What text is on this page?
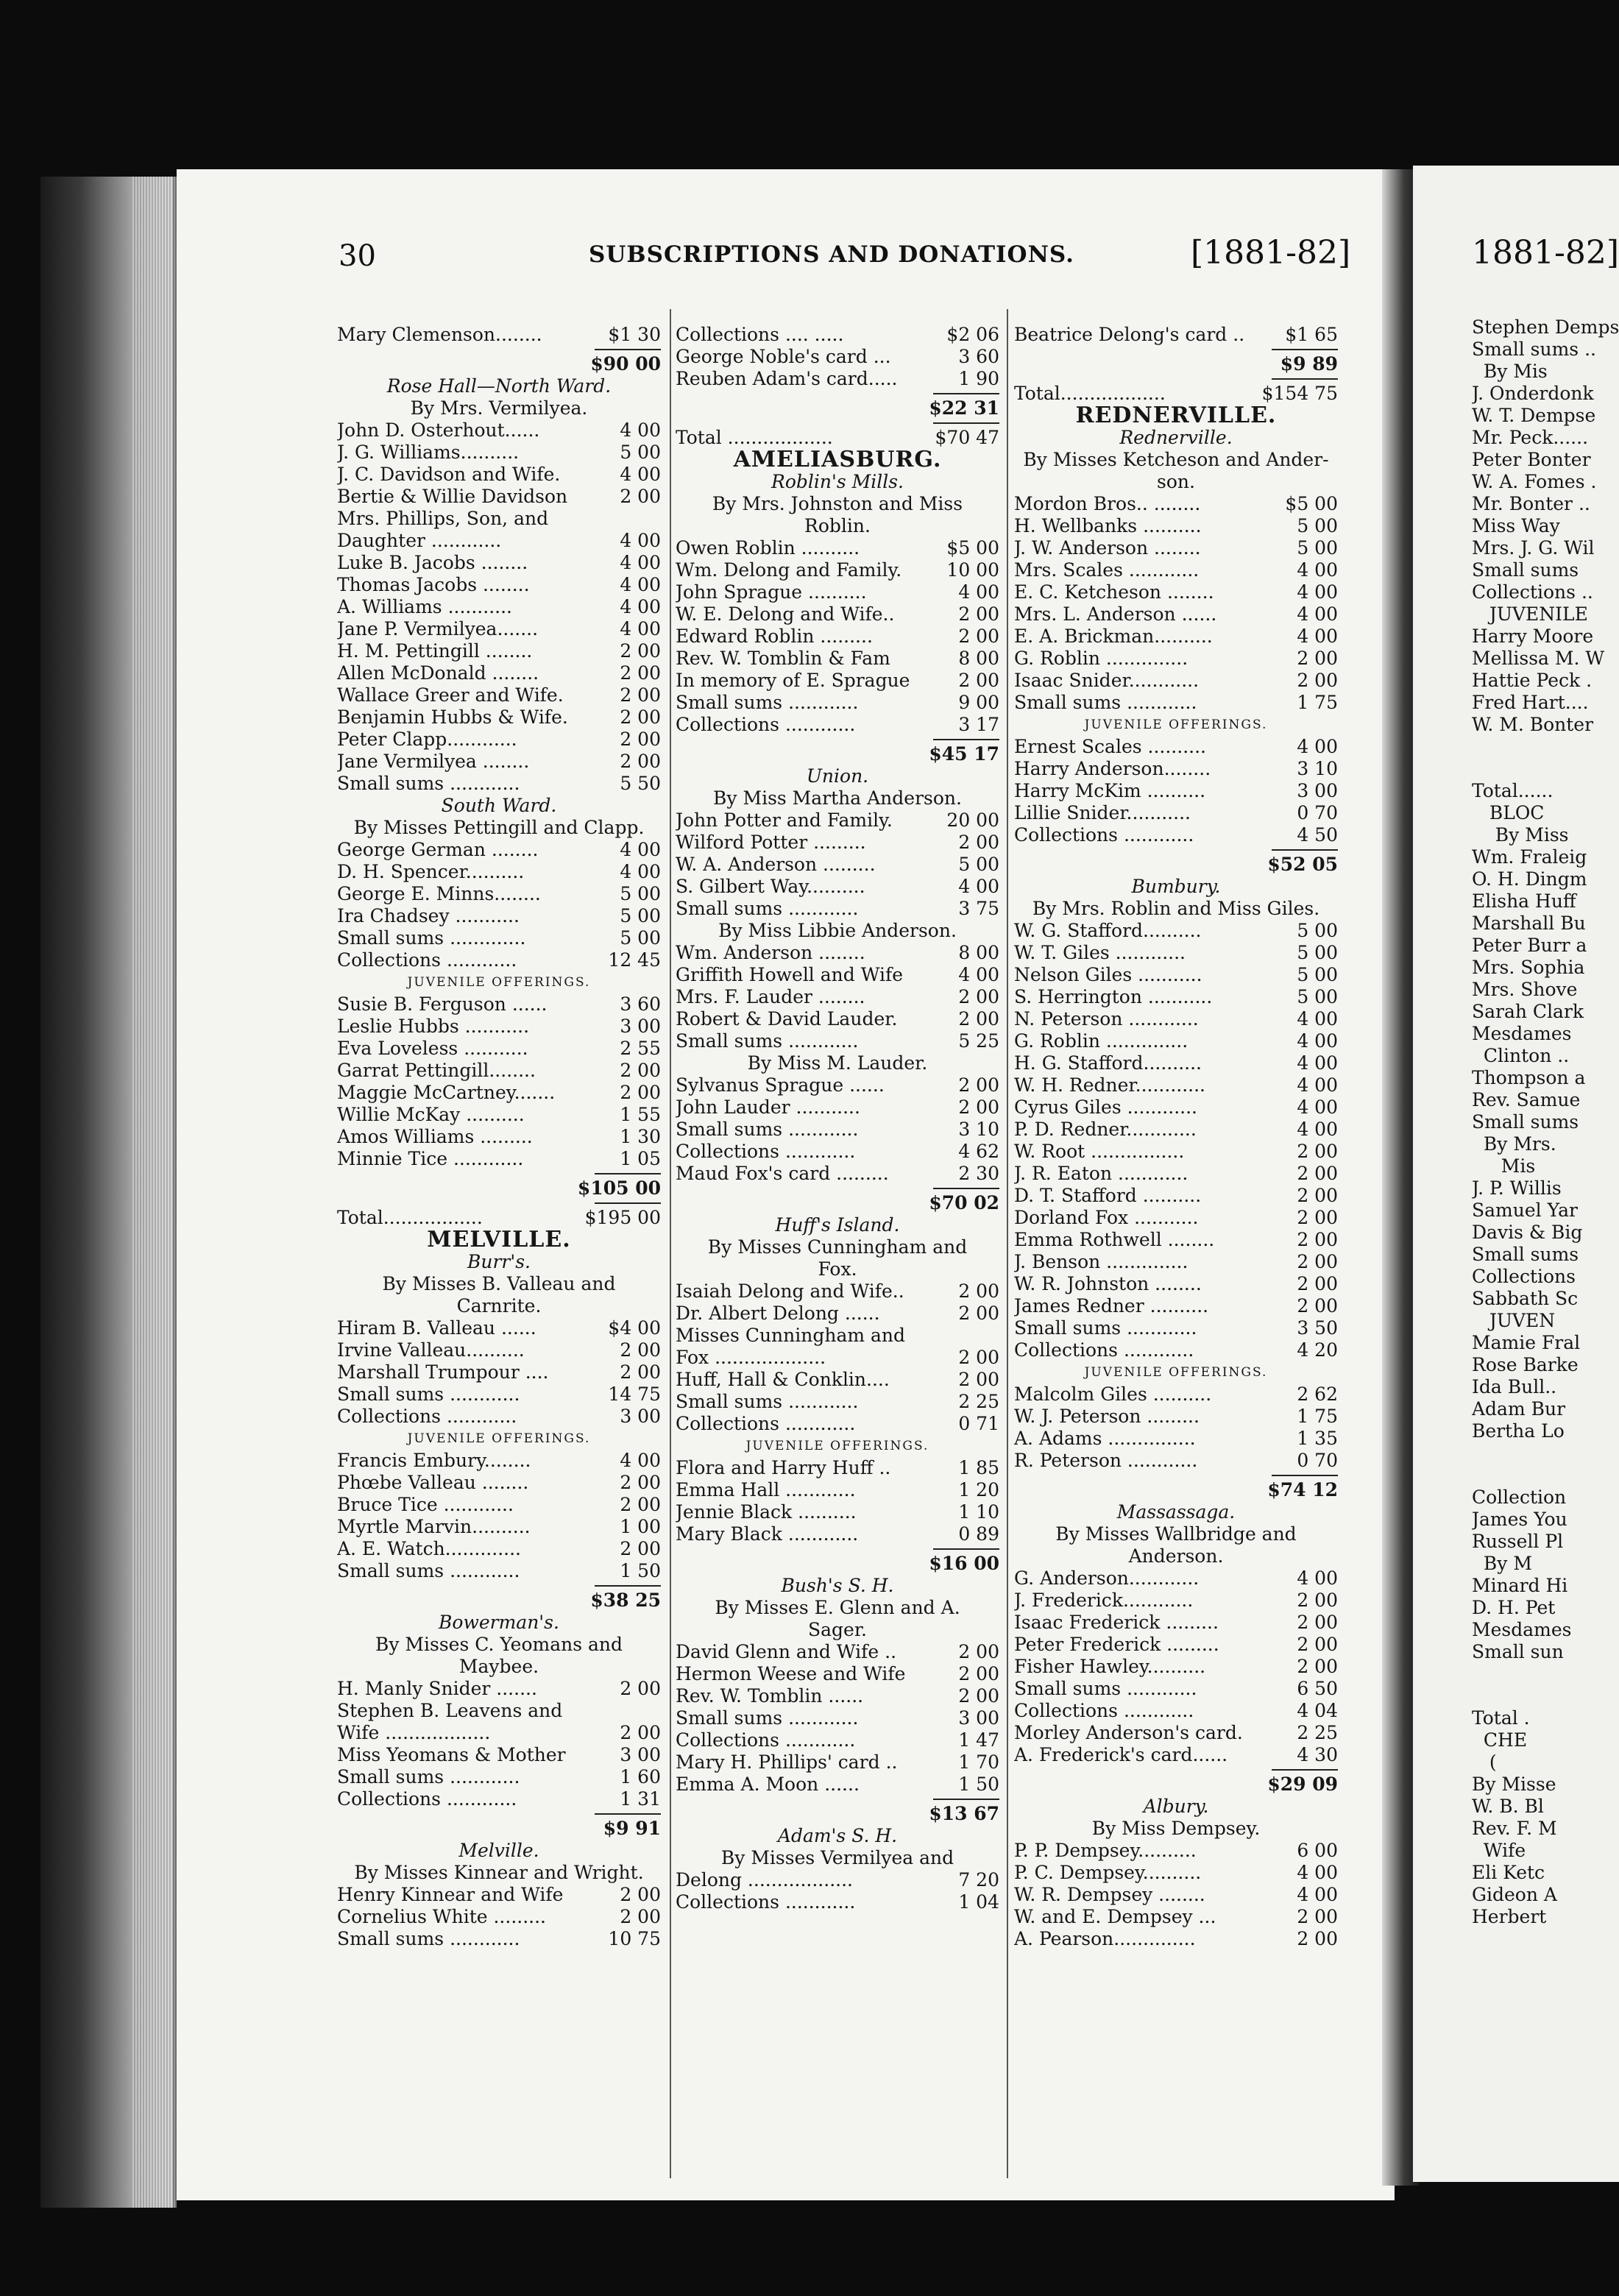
30	SUBSCRIPTIONS AND DONATIONS.	[1881-82]	1881-82]
Mary Clemenson........	$1 30
$90 00
Rose Hall—North Ward.
By Mrs. Vermilyea.
John D. Osterhout......	4 00
J. G. Williams..........	5 00
J. C. Davidson and Wife.	4 00
Bertie & Willie Davidson	2 00
Mrs. Phillips, Son, and
Daughter ............	4 00
Luke B. Jacobs ........	4 00
Thomas Jacobs ........	4 00
A. Williams ...........	4 00
Jane P. Vermilyea.......	4 00
H. M. Pettingill ........	2 00
Allen McDonald ........	2 00
Wallace Greer and Wife.	2 00
Benjamin Hubbs & Wife.	2 00
Peter Clapp............	2 00
Jane Vermilyea ........	2 00
Small sums ............	5 50
South Ward.
By Misses Pettingill and Clapp.
George German ........	4 00
D. H. Spencer..........	4 00
George E. Minns........	5 00
Ira Chadsey ...........	5 00
Small sums .............	5 00
Collections ............	12 45
JUVENILE OFFERINGS.
Susie B. Ferguson ......	3 60
Leslie Hubbs ...........	3 00
Eva Loveless ...........	2 55
Garrat Pettingill........	2 00
Maggie McCartney.......	2 00
Willie McKay ..........	1 55
Amos Williams .........	1 30
Minnie Tice ............	1 05
$105 00
Total.................	$195 00
MELVILLE.
Burr's.
By Misses B. Valleau and
Carnrite.
Hiram B. Valleau ......	$4 00
Irvine Valleau..........	2 00
Marshall Trumpour ....	2 00
Small sums ............	14 75
Collections ............	3 00
JUVENILE OFFERINGS.
Francis Embury........	4 00
Phœbe Valleau ........	2 00
Bruce Tice ............	2 00
Myrtle Marvin..........	1 00
A. E. Watch.............	2 00
Small sums ............	1 50
$38 25
Bowerman's.
By Misses C. Yeomans and
Maybee.
H. Manly Snider .......	2 00
Stephen B. Leavens and
Wife ..................	2 00
Miss Yeomans & Mother	3 00
Small sums ............	1 60
Collections ............	1 31
$9 91
Melville.
By Misses Kinnear and Wright.
Henry Kinnear and Wife	2 00
Cornelius White .........	2 00
Small sums ............	10 75
Collections .... .....	$2 06
George Noble's card ...	3 60
Reuben Adam's card.....	1 90
$22 31
Total ..................	$70 47
AMELIASBURG.
Roblin's Mills.
By Mrs. Johnston and Miss
Roblin.
Owen Roblin ..........	$5 00
Wm. Delong and Family.	10 00
John Sprague ..........	4 00
W. E. Delong and Wife..	2 00
Edward Roblin .........	2 00
Rev. W. Tomblin & Fam	8 00
In memory of E. Sprague	2 00
Small sums ............	9 00
Collections ............	3 17
$45 17
Union.
By Miss Martha Anderson.
John Potter and Family.	20 00
Wilford Potter .........	2 00
W. A. Anderson .........	5 00
S. Gilbert Way..........	4 00
Small sums ............	3 75
By Miss Libbie Anderson.
Wm. Anderson ........	8 00
Griffith Howell and Wife	4 00
Mrs. F. Lauder ........	2 00
Robert & David Lauder.	2 00
Small sums ............	5 25
By Miss M. Lauder.
Sylvanus Sprague ......	2 00
John Lauder ...........	2 00
Small sums ............	3 10
Collections ............	4 62
Maud Fox's card .........	2 30
$70 02
Huff's Island.
By Misses Cunningham and
Fox.
Isaiah Delong and Wife..	2 00
Dr. Albert Delong ......	2 00
Misses Cunningham and
Fox ...................	2 00
Huff, Hall & Conklin....	2 00
Small sums ............	2 25
Collections ............	0 71
JUVENILE OFFERINGS.
Flora and Harry Huff ..	1 85
Emma Hall ............	1 20
Jennie Black ..........	1 10
Mary Black ............	0 89
$16 00
Bush's S. H.
By Misses E. Glenn and A.
Sager.
David Glenn and Wife ..	2 00
Hermon Weese and Wife	2 00
Rev. W. Tomblin ......	2 00
Small sums ............	3 00
Collections ............	1 47
Mary H. Phillips' card ..	1 70
Emma A. Moon ......	1 50
$13 67
Adam's S. H.
By Misses Vermilyea and
Delong ..................	7 20
Collections ............	1 04
Beatrice Delong's card ..	$1 65
$9 89
Total..................	$154 75
REDNERVILLE.
Rednerville.
By Misses Ketcheson and Ander-
son.
Mordon Bros.. ........	$5 00
H. Wellbanks ..........	5 00
J. W. Anderson ........	5 00
Mrs. Scales ............	4 00
E. C. Ketcheson ........	4 00
Mrs. L. Anderson ......	4 00
E. A. Brickman..........	4 00
G. Roblin ..............	2 00
Isaac Snider............	2 00
Small sums ............	1 75
JUVENILE OFFERINGS.
Ernest Scales ..........	4 00
Harry Anderson........	3 10
Harry McKim ..........	3 00
Lillie Snider...........	0 70
Collections ............	4 50
$52 05
Bumbury.
By Mrs. Roblin and Miss Giles.
W. G. Stafford..........	5 00
W. T. Giles ............	5 00
Nelson Giles ...........	5 00
S. Herrington ...........	5 00
N. Peterson ............	4 00
G. Roblin ..............	4 00
H. G. Stafford..........	4 00
W. H. Redner............	4 00
Cyrus Giles ............	4 00
P. D. Redner............	4 00
W. Root ................	2 00
J. R. Eaton ............	2 00
D. T. Stafford ..........	2 00
Dorland Fox ...........	2 00
Emma Rothwell ........	2 00
J. Benson ..............	2 00
W. R. Johnston ........	2 00
James Redner ..........	2 00
Small sums ............	3 50
Collections ............	4 20
JUVENILE OFFERINGS.
Malcolm Giles ..........	2 62
W. J. Peterson .........	1 75
A. Adams ...............	1 35
R. Peterson ............	0 70
$74 12
Massassaga.
By Misses Wallbridge and
Anderson.
G. Anderson............	4 00
J. Frederick............	2 00
Isaac Frederick .........	2 00
Peter Frederick .........	2 00
Fisher Hawley..........	2 00
Small sums ............	6 50
Collections ............	4 04
Morley Anderson's card.	2 25
A. Frederick's card......	4 30
$29 09
Albury.
By Miss Dempsey.
P. P. Dempsey..........	6 00
P. C. Dempsey..........	4 00
W. R. Dempsey ........	4 00
W. and E. Dempsey ...	2 00
A. Pearson..............	2 00
Stephen Demps
Small sums ..
By Mis
J. Onderdonk
W. T. Dempse
Mr. Peck......
Peter Bonter
W. A. Fomes .
Mr. Bonter ..
Miss Way
Mrs. J. G. Wil
Small sums
Collections ..
JUVENILE
Harry Moore
Mellissa M. W
Hattie Peck .
Fred Hart....
W. M. Bonter

Total......
BLOC
By Miss
Wm. Fraleig
O. H. Dingm
Elisha Huff
Marshall Bu
Peter Burr a
Mrs. Sophia
Mrs. Shove
Sarah Clark
Mesdames
Clinton ..
Thompson a
Rev. Samue
Small sums
By Mrs.
Mis
J. P. Willis
Samuel Yar
Davis & Big
Small sums
Collections
Sabbath Sc
JUVEN
Mamie Fral
Rose Barke
Ida Bull..
Adam Bur
Bertha Lo

Collection
James You
Russell Pl
By M
Minard Hi
D. H. Pet
Mesdames
Small sun

Total .
CHE
(
By Misse
W. B. Bl
Rev. F. M
Wife
Eli Ketc
Gideon A
Herbert
